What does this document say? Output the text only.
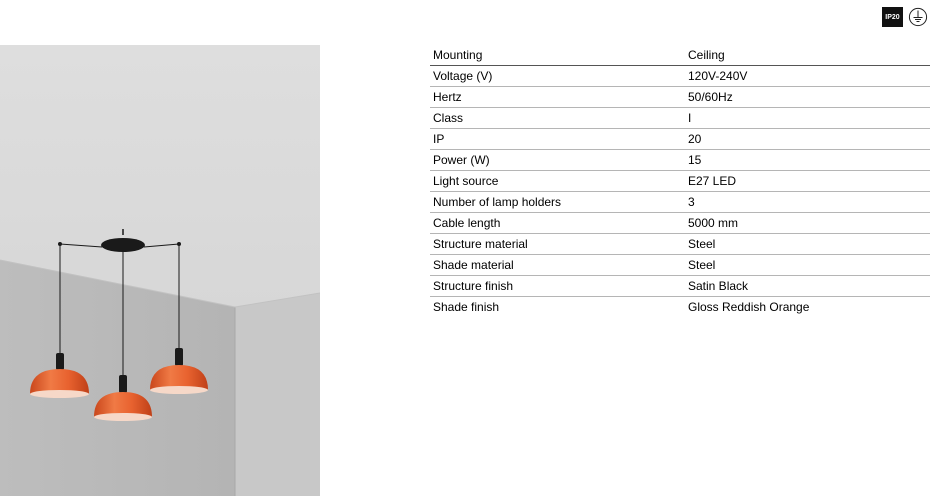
IP20
Mounting	Ceiling
Voltage (V)	120V-240V
Hertz	50/60Hz
Class	I
IP	20
Power (W)	15
Light source	E27 LED
Number of lamp holders	3
Cable length	5000 mm
Structure material	Steel
Shade material	Steel
Structure finish	Satin Black
Shade finish	Gloss Reddish Orange
